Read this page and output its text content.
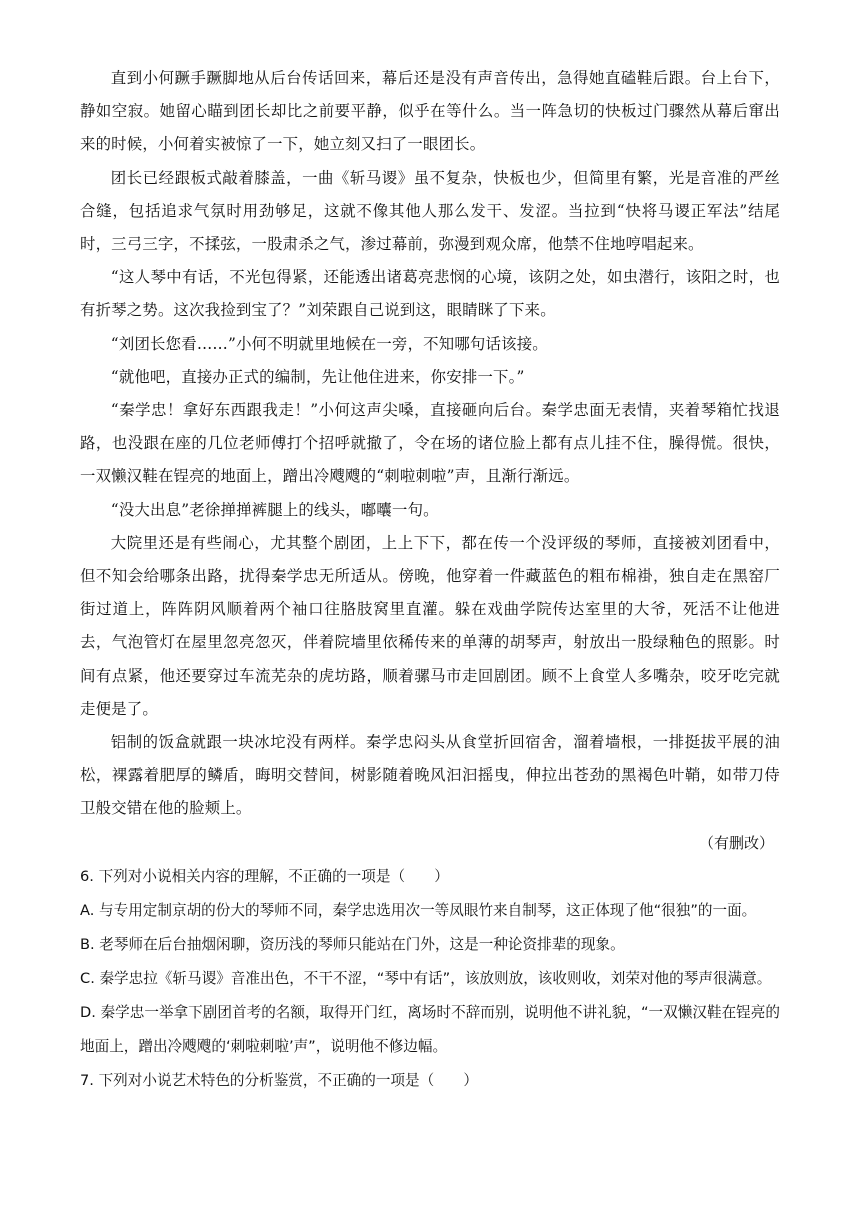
直到小何蹶手蹶脚地从后台传话回来，幕后还是没有声音传出，急得她直磕鞋后跟。台上台下，静如空寂。她留心瞄到团长却比之前要平静，似乎在等什么。当一阵急切的快板过门骤然从幕后窜出来的时候，小何着实被惊了一下，她立刻又扫了一眼团长。

团长已经跟板式敲着膝盖，一曲《斩马谡》虽不复杂，快板也少，但简里有繁，光是音准的严丝合缝，包括追求气氛时用劲够足，这就不像其他人那么发干、发涩。当拉到“快将马谡正军法”结尾时，三弓三字，不揉弦，一股肃杀之气，渗过幕前，弥漫到观众席，他禁不住地哼唱起来。

“这人琴中有话，不光包得紧，还能透出诸葛亮悲悯的心境，该阴之处，如虫潜行，该阳之时，也有折琴之势。这次我捡到宝了？”刘荣跟自己说到这，眼睛眯了下来。

“刘团长您看……”小何不明就里地候在一旁，不知哪句话该接。

“就他吧，直接办正式的编制，先让他住进来，你安排一下。”

“秦学忠！拿好东西跟我走！”小何这声尖嗓，直接砸向后台。秦学忠面无表情，夹着琴箱忙找退路，也没跟在座的几位老师傅打个招呼就撤了，令在场的诸位脸上都有点儿挂不住，臊得慌。很快，一双懒汉鞋在锃亮的地面上，蹭出冷飕飕的“刺啦刺啦”声，且渐行渐远。

“没大出息”老徐掸掸裤腿上的线头，嘟囔一句。

大院里还是有些闹心，尤其整个剧团，上上下下，都在传一个没评级的琴师，直接被刘团看中，但不知会给哪条出路，扰得秦学忠无所适从。傍晚，他穿着一件藏蓝色的粗布棉褂，独自走在黑窑厂街过道上，阵阵阴风顺着两个袖口往胳肢窝里直灌。躲在戏曲学院传达室里的大爷，死活不让他进去，气泡管灯在屋里忽亮忽灭，伴着院墙里依稀传来的单薄的胡琴声，射放出一股绿釉色的照影。时间有点紧，他还要穿过车流芜杂的虎坊路，顺着骡马市走回剧团。顾不上食堂人多嘴杂，咬牙吃完就走便是了。

铝制的饭盒就跟一块冰坨没有两样。秦学忠闷头从食堂折回宿舍，溜着墙根，一排挺拔平展的油松，裸露着肥厚的鳞盾，晦明交替间，树影随着晚风汩汩摇曳，伸拉出苍劲的黑褐色叶鞘，如带刀侍卫般交错在他的脸颊上。

（有删改）

6. 下列对小说相关内容的理解，不正确的一项是（　　）

A. 与专用定制京胡的份大的琴师不同，秦学忠选用次一等凤眼竹来自制琴，这正体现了他“很独”的一面。

B. 老琴师在后台抽烟闲聊，资历浅的琴师只能站在门外，这是一种论资排辈的现象。

C. 秦学忠拉《斩马谡》音准出色，不干不涩，“琴中有话”，该放则放，该收则收，刘荣对他的琴声很满意。

D. 秦学忠一举拿下剧团首考的名额，取得开门红，离场时不辞而别，说明他不讲礼貌，“一双懒汉鞋在锃亮的地面上，蹭出冷飕飕的‘刺啦刺啦’声”，说明他不修边幅。

7. 下列对小说艺术特色的分析鉴赏，不正确的一项是（　　）
